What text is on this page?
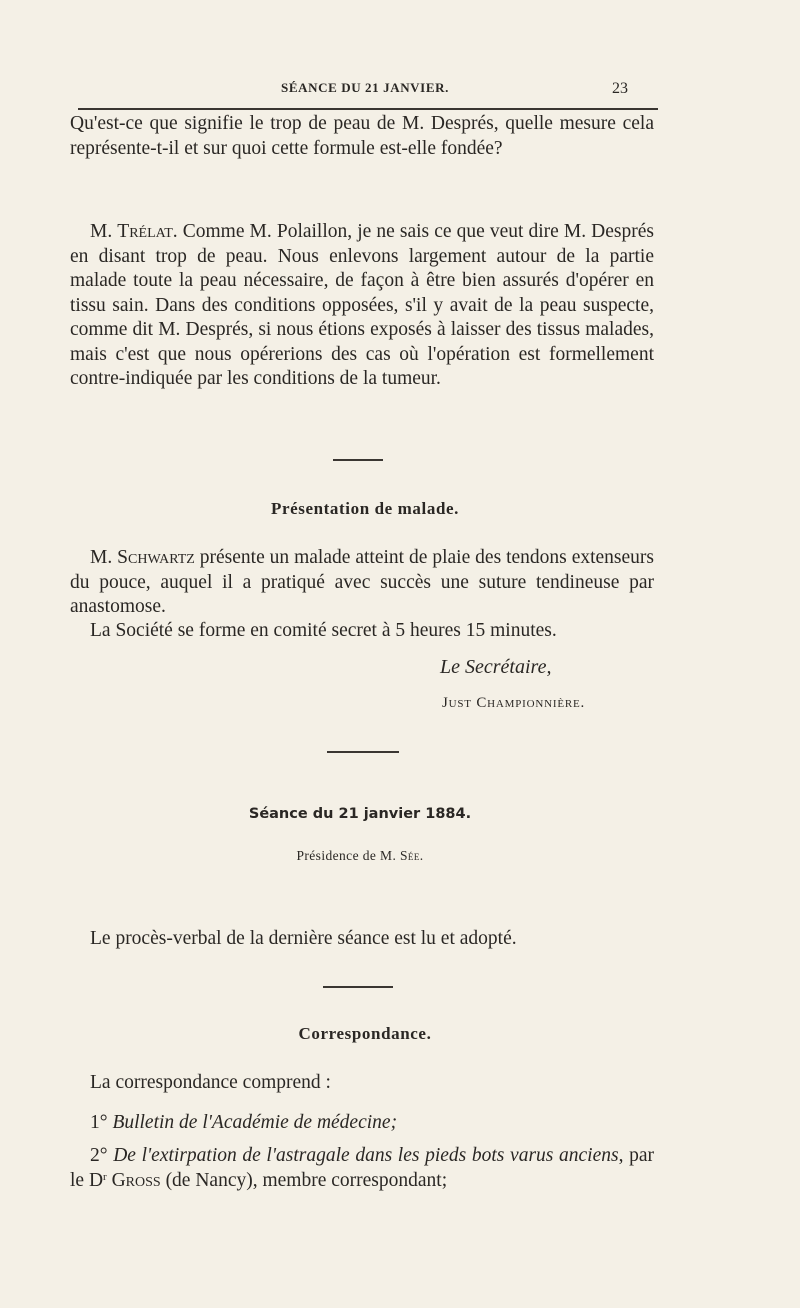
SÉANCE DU 21 JANVIER.	23

Qu'est-ce que signifie le trop de peau de M. Després, quelle mesure cela représente-t-il et sur quoi cette formule est-elle fondée?

M. Trélat. Comme M. Polaillon, je ne sais ce que veut dire M. Després en disant trop de peau. Nous enlevons largement autour de la partie malade toute la peau nécessaire, de façon à être bien assurés d'opérer en tissu sain. Dans des conditions opposées, s'il y avait de la peau suspecte, comme dit M. Després, si nous étions exposés à laisser des tissus malades, mais c'est que nous opérerions des cas où l'opération est formellement contre-indiquée par les conditions de la tumeur.

Présentation de malade.

M. Schwartz présente un malade atteint de plaie des tendons extenseurs du pouce, auquel il a pratiqué avec succès une suture tendineuse par anastomose.

La Société se forme en comité secret à 5 heures 15 minutes.

Le Secrétaire,
Just Championnière.
Séance du 21 janvier 1884.
Présidence de M. Sée.

Le procès-verbal de la dernière séance est lu et adopté.

Correspondance.

La correspondance comprend :

1° Bulletin de l'Académie de médecine;

2° De l'extirpation de l'astragale dans les pieds bots varus anciens, par le $D^r$ Gross (de Nancy), membre correspondant;
